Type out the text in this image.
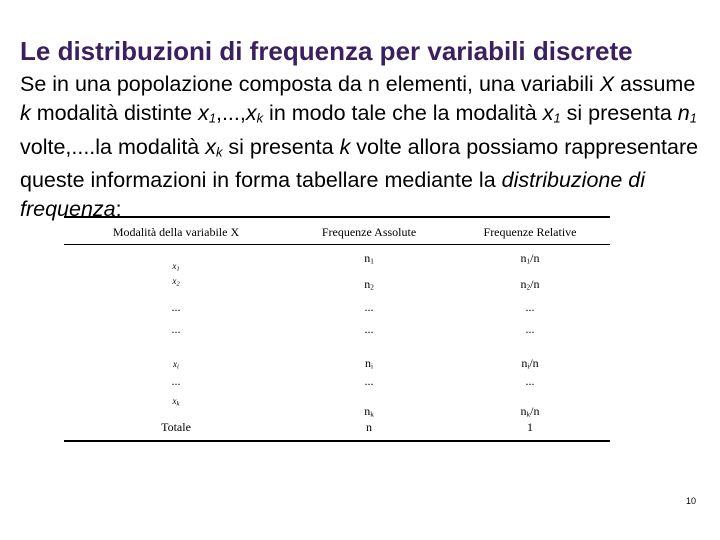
Le distribuzioni di frequenza per variabili discrete
Se in una popolazione composta da n elementi, una variabili X assume k modalità distinte $x_1,...,x_k$ in modo tale che la modalità $x_1$ si presenta $n_1$ volte,....la modalità $x_k$ si presenta k volte allora possiamo rappresentare queste informazioni in forma tabellare mediante la distribuzione di frequenza:
Modalità della variabile X	Frequenze Assolute	Frequenze Relative
$x_1$	$n_1$	$n_1/n$
$x_2$	$n_2$	$n_2/n$
...	...	...
...	...	...
$x_i$	$n_i$	$n_i/n$
...	...	...
$x_k$	$n_k$	$n_k/n$
Totale	n	1
10
